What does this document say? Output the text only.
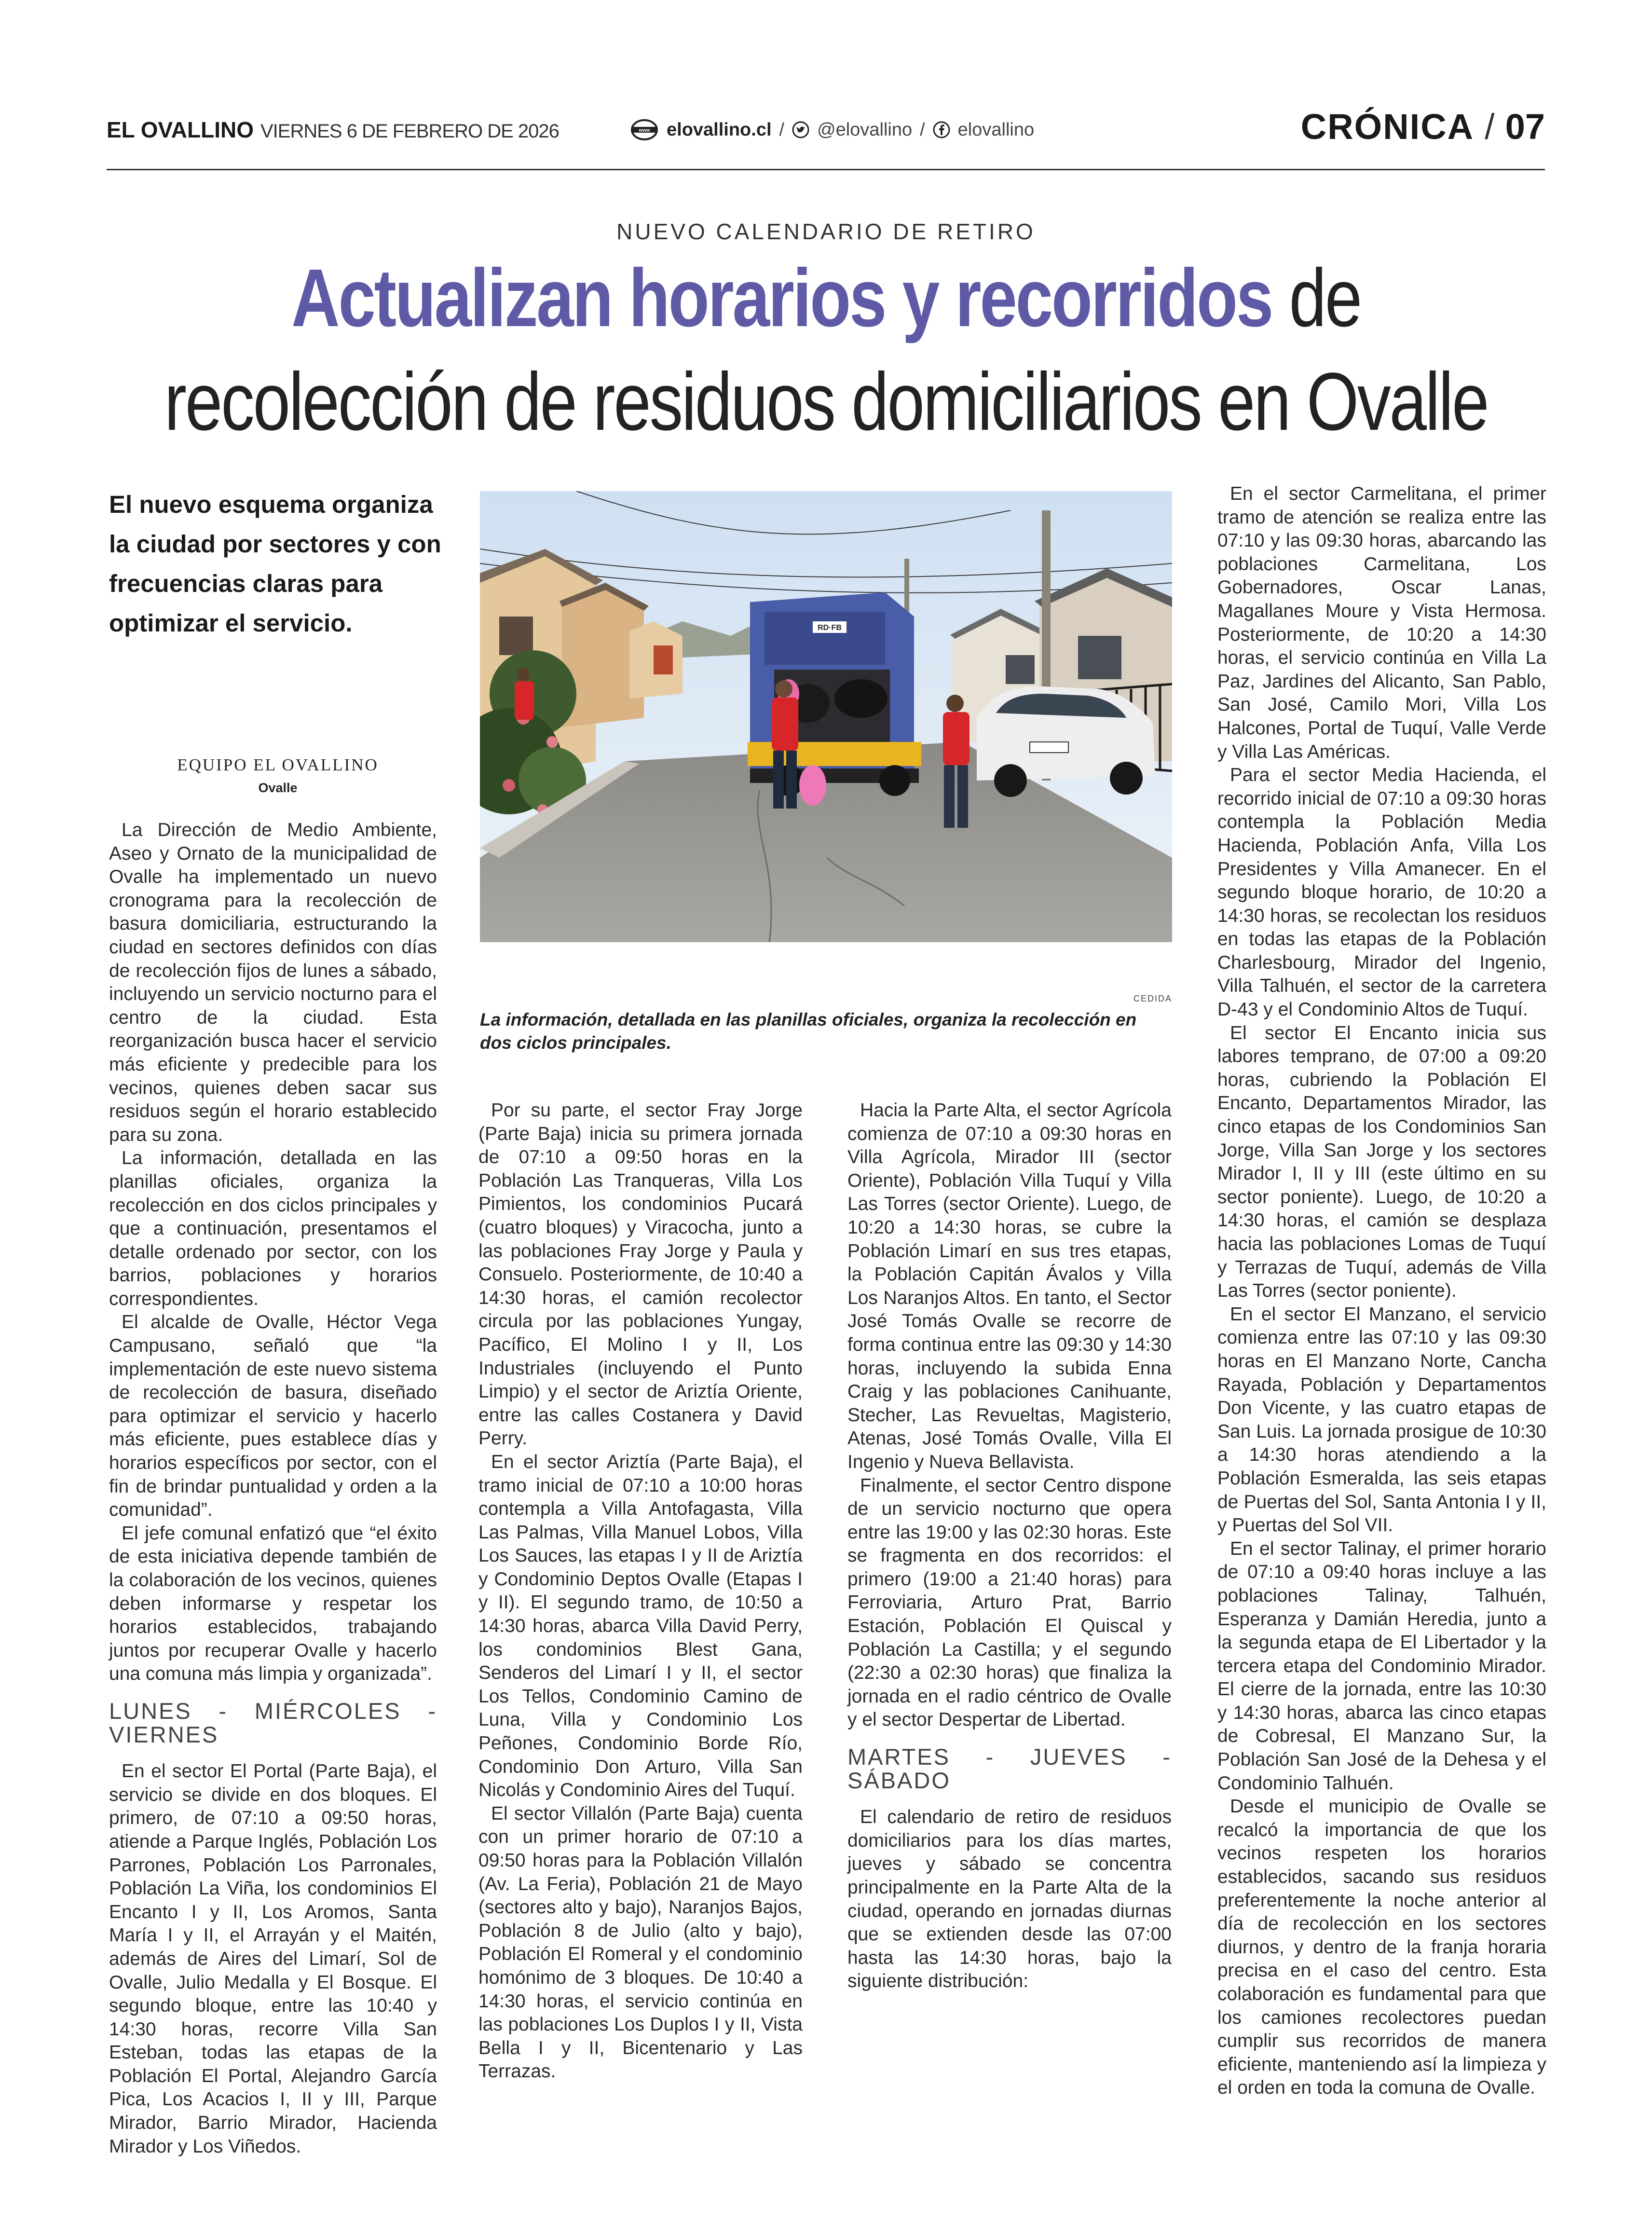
EL OVALLINO VIERNES 6 DE FEBRERO DE 2026	www elovallino.cl / @elovallino / elovallino	CRÓNICA / 07
NUEVO CALENDARIO DE RETIRO
Actualizan horarios y recorridos de
recolección de residuos domiciliarios en Ovalle
El nuevo esquema organiza la ciudad por sectores y con frecuencias claras para optimizar el servicio.
EQUIPO EL OVALLINO
Ovalle
RD·FB
CEDIDA
La información, detallada en las planillas oficiales, organiza la recolección en dos ciclos principales.

La Dirección de Medio Ambiente, Aseo y Ornato de la municipalidad de Ovalle ha implementado un nuevo cronograma para la recolección de basura domiciliaria, estructurando la ciudad en sectores definidos con días de recolección fijos de lunes a sábado, incluyendo un servicio nocturno para el centro de la ciudad. Esta reorganización busca hacer el servicio más eficiente y predecible para los vecinos, quienes deben sacar sus residuos según el horario establecido para su zona.

La información, detallada en las planillas oficiales, organiza la recolección en dos ciclos principales y que a continuación, presentamos el detalle ordenado por sector, con los barrios, poblaciones y horarios correspondientes.

El alcalde de Ovalle, Héctor Vega Campusano, señaló que “la implementación de este nuevo sistema de recolección de basura, diseñado para optimizar el servicio y hacerlo más eficiente, pues establece días y horarios específicos por sector, con el fin de brindar puntualidad y orden a la comunidad”.

El jefe comunal enfatizó que “el éxito de esta iniciativa depende también de la colaboración de los vecinos, quienes deben informarse y respetar los horarios establecidos, trabajando juntos por recuperar Ovalle y hacerlo una comuna más limpia y organizada”.

LUNES - MIÉRCOLES - VIERNES

En el sector El Portal (Parte Baja), el servicio se divide en dos bloques. El primero, de 07:10 a 09:50 horas, atiende a Parque Inglés, Población Los Parrones, Población Los Parronales, Población La Viña, los condominios El Encanto I y II, Los Aromos, Santa María I y II, el Arrayán y el Maitén, además de Aires del Limarí, Sol de Ovalle, Julio Medalla y El Bosque. El segundo bloque, entre las 10:40 y 14:30 horas, recorre Villa San Esteban, todas las etapas de la Población El Portal, Alejandro García Pica, Los Acacios I, II y III, Parque Mirador, Barrio Mirador, Hacienda Mirador y Los Viñedos.

Por su parte, el sector Fray Jorge (Parte Baja) inicia su primera jornada de 07:10 a 09:50 horas en la Población Las Tranqueras, Villa Los Pimientos, los condominios Pucará (cuatro bloques) y Viracocha, junto a las poblaciones Fray Jorge y Paula y Consuelo. Posteriormente, de 10:40 a 14:30 horas, el camión recolector circula por las poblaciones Yungay, Pacífico, El Molino I y II, Los Industriales (incluyendo el Punto Limpio) y el sector de Ariztía Oriente, entre las calles Costanera y David Perry.

En el sector Ariztía (Parte Baja), el tramo inicial de 07:10 a 10:00 horas contempla a Villa Antofagasta, Villa Las Palmas, Villa Manuel Lobos, Villa Los Sauces, las etapas I y II de Ariztía y Condominio Deptos Ovalle (Etapas I y II). El segundo tramo, de 10:50 a 14:30 horas, abarca Villa David Perry, los condominios Blest Gana, Senderos del Limarí I y II, el sector Los Tellos, Condominio Camino de Luna, Villa y Condominio Los Peñones, Condominio Borde Río, Condominio Don Arturo, Villa San Nicolás y Condominio Aires del Tuquí.

El sector Villalón (Parte Baja) cuenta con un primer horario de 07:10 a 09:50 horas para la Población Villalón (Av. La Feria), Población 21 de Mayo (sectores alto y bajo), Naranjos Bajos, Población 8 de Julio (alto y bajo), Población El Romeral y el condominio homónimo de 3 bloques. De 10:40 a 14:30 horas, el servicio continúa en las poblaciones Los Duplos I y II, Vista Bella I y II, Bicentenario y Las Terrazas.

Hacia la Parte Alta, el sector Agrícola comienza de 07:10 a 09:30 horas en Villa Agrícola, Mirador III (sector Oriente), Población Villa Tuquí y Villa Las Torres (sector Oriente). Luego, de 10:20 a 14:30 horas, se cubre la Población Limarí en sus tres etapas, la Población Capitán Ávalos y Villa Los Naranjos Altos. En tanto, el Sector José Tomás Ovalle se recorre de forma continua entre las 09:30 y 14:30 horas, incluyendo la subida Enna Craig y las poblaciones Canihuante, Stecher, Las Revueltas, Magisterio, Atenas, José Tomás Ovalle, Villa El Ingenio y Nueva Bellavista.

Finalmente, el sector Centro dispone de un servicio nocturno que opera entre las 19:00 y las 02:30 horas. Este se fragmenta en dos recorridos: el primero (19:00 a 21:40 horas) para Ferroviaria, Arturo Prat, Barrio Estación, Población El Quiscal y Población La Castilla; y el segundo (22:30 a 02:30 horas) que finaliza la jornada en el radio céntrico de Ovalle y el sector Despertar de Libertad.

MARTES - JUEVES - SÁBADO

El calendario de retiro de residuos domiciliarios para los días martes, jueves y sábado se concentra principalmente en la Parte Alta de la ciudad, operando en jornadas diurnas que se extienden desde las 07:00 hasta las 14:30 horas, bajo la siguiente distribución:

En el sector Carmelitana, el primer tramo de atención se realiza entre las 07:10 y las 09:30 horas, abarcando las poblaciones Carmelitana, Los Gobernadores, Oscar Lanas, Magallanes Moure y Vista Hermosa. Posteriormente, de 10:20 a 14:30 horas, el servicio continúa en Villa La Paz, Jardines del Alicanto, San Pablo, San José, Camilo Mori, Villa Los Halcones, Portal de Tuquí, Valle Verde y Villa Las Américas.

Para el sector Media Hacienda, el recorrido inicial de 07:10 a 09:30 horas contempla la Población Media Hacienda, Población Anfa, Villa Los Presidentes y Villa Amanecer. En el segundo bloque horario, de 10:20 a 14:30 horas, se recolectan los residuos en todas las etapas de la Población Charlesbourg, Mirador del Ingenio, Villa Talhuén, el sector de la carretera D-43 y el Condominio Altos de Tuquí.

El sector El Encanto inicia sus labores temprano, de 07:00 a 09:20 horas, cubriendo la Población El Encanto, Departamentos Mirador, las cinco etapas de los Condominios San Jorge, Villa San Jorge y los sectores Mirador I, II y III (este último en su sector poniente). Luego, de 10:20 a 14:30 horas, el camión se desplaza hacia las poblaciones Lomas de Tuquí y Terrazas de Tuquí, además de Villa Las Torres (sector poniente).

En el sector El Manzano, el servicio comienza entre las 07:10 y las 09:30 horas en El Manzano Norte, Cancha Rayada, Población y Departamentos Don Vicente, y las cuatro etapas de San Luis. La jornada prosigue de 10:30 a 14:30 horas atendiendo a la Población Esmeralda, las seis etapas de Puertas del Sol, Santa Antonia I y II, y Puertas del Sol VII.

En el sector Talinay, el primer horario de 07:10 a 09:40 horas incluye a las poblaciones Talinay, Talhuén, Esperanza y Damián Heredia, junto a la segunda etapa de El Libertador y la tercera etapa del Condominio Mirador. El cierre de la jornada, entre las 10:30 y 14:30 horas, abarca las cinco etapas de Cobresal, El Manzano Sur, la Población San José de la Dehesa y el Condominio Talhuén.

Desde el municipio de Ovalle se recalcó la importancia de que los vecinos respeten los horarios establecidos, sacando sus residuos preferentemente la noche anterior al día de recolección en los sectores diurnos, y dentro de la franja horaria precisa en el caso del centro. Esta colaboración es fundamental para que los camiones recolectores puedan cumplir sus recorridos de manera eficiente, manteniendo así la limpieza y el orden en toda la comuna de Ovalle.
